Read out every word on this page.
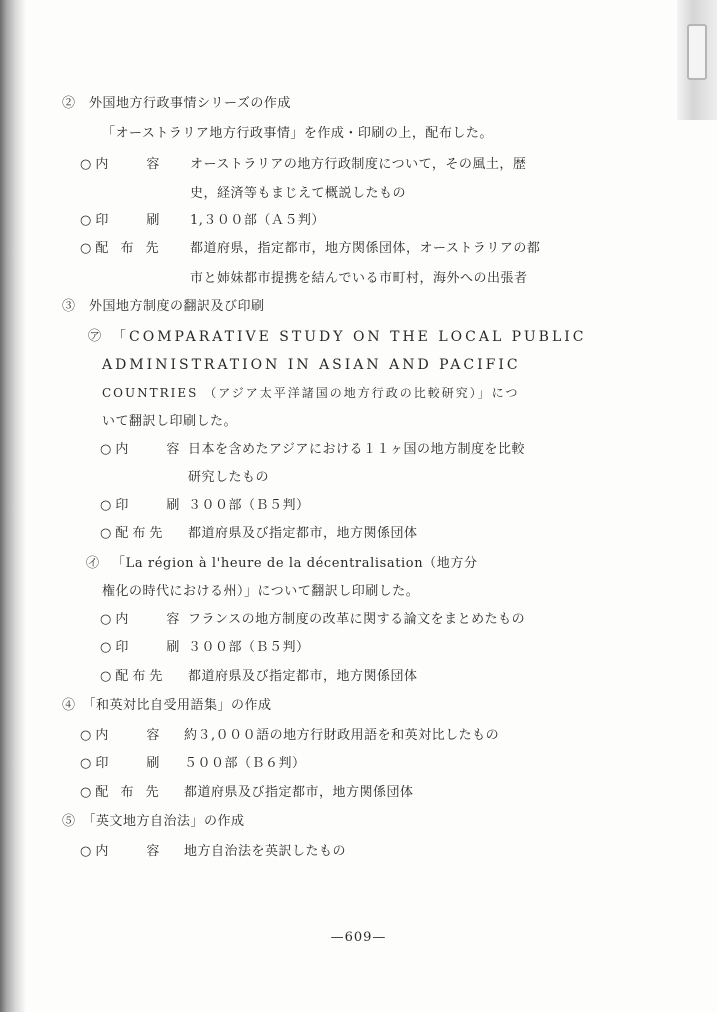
②　外国地方行政事情シリーズの作成
「オーストラリア地方行政事情」を作成・印刷の上，配布した。
○内　　容 オーストラリアの地方行政制度について，その風土，歴
史，経済等もまじえて概説したもの
○印　　刷 1,３００部（Ａ５判）
○配 布 先 都道府県，指定都市，地方関係団体，オーストラリアの都
市と姉妹都市提携を結んでいる市町村，海外への出張者
③　外国地方制度の翻訳及び印刷
㋐ 「COMPARATIVE STUDY ON THE LOCAL PUBLIC
ADMINISTRATION IN ASIAN AND PACIFIC
COUNTRIES （アジア太平洋諸国の地方行政の比較研究）」につ
いて翻訳し印刷した。
○内　　容 日本を含めたアジアにおける１１ヶ国の地方制度を比較
研究したもの
○印　　刷 ３００部（Ｂ５判）
○配布先 都道府県及び指定都市，地方関係団体
㋑ 「La région à l'heure de la décentralisation（地方分
権化の時代における州）」について翻訳し印刷した。
○内　　容 フランスの地方制度の改革に関する論文をまとめたもの
○印　　刷 ３００部（Ｂ５判）
○配布先 都道府県及び指定都市，地方関係団体
④　「和英対比自受用語集」の作成
○内　　容 約３,０００語の地方行財政用語を和英対比したもの
○印　　刷 ５００部（Ｂ６判）
○配 布 先 都道府県及び指定都市，地方関係団体
⑤　「英文地方自治法」の作成
○内　　容 地方自治法を英訳したもの
—609—
